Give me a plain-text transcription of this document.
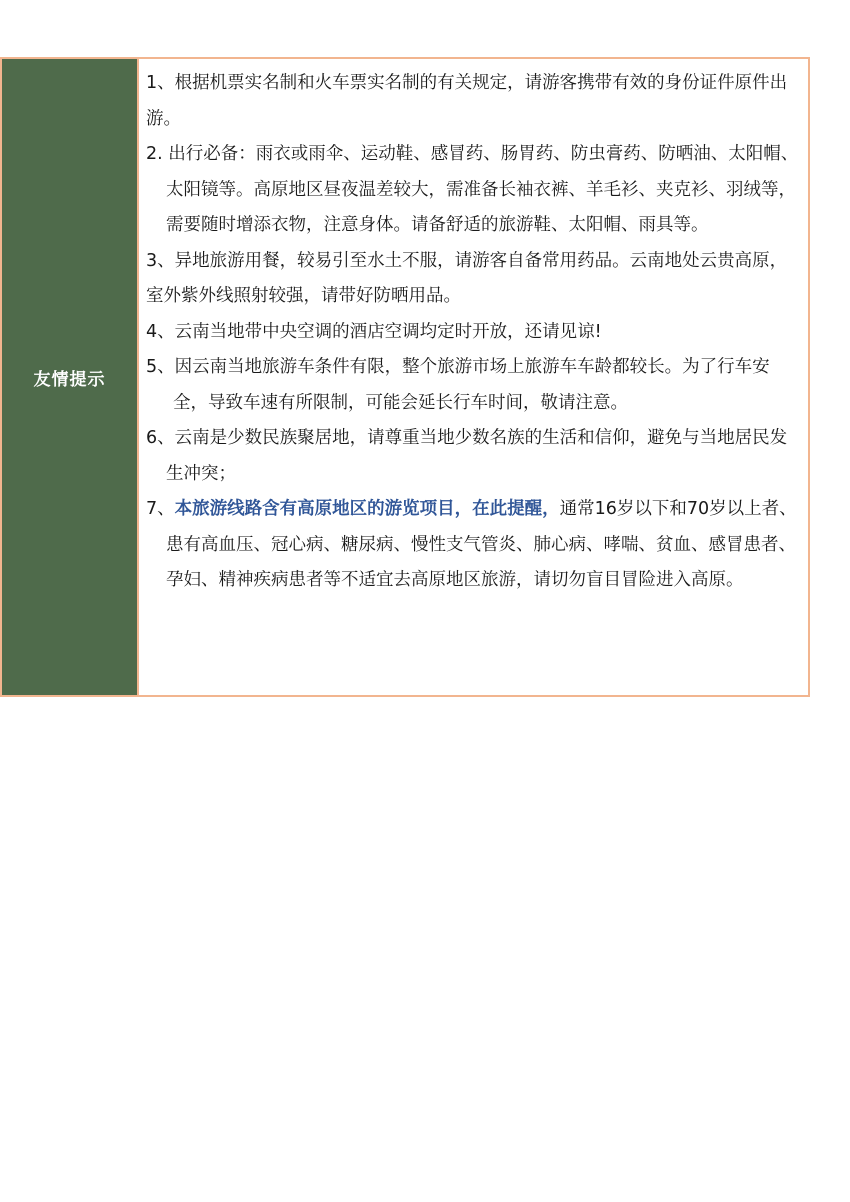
友情提示
1、根据机票实名制和火车票实名制的有关规定，请游客携带有效的身份证件原件出游。
2. 出行必备：雨衣或雨伞、运动鞋、感冒药、肠胃药、防虫膏药、防晒油、太阳帽、太阳镜等。高原地区昼夜温差较大，需准备长袖衣裤、羊毛衫、夹克衫、羽绒等，需要随时增添衣物，注意身体。请备舒适的旅游鞋、太阳帽、雨具等。
3、异地旅游用餐，较易引至水土不服，请游客自备常用药品。云南地处云贵高原，室外紫外线照射较强，请带好防晒用品。
4、云南当地带中央空调的酒店空调均定时开放，还请见谅!
5、因云南当地旅游车条件有限，整个旅游市场上旅游车车龄都较长。为了行车安全，导致车速有所限制，可能会延长行车时间，敬请注意。
6、云南是少数民族聚居地，请尊重当地少数名族的生活和信仰，避免与当地居民发生冲突；
7、本旅游线路含有高原地区的游览项目，在此提醒，通常16岁以下和70岁以上者、患有高血压、冠心病、糖尿病、慢性支气管炎、肺心病、哮喘、贫血、感冒患者、孕妇、精神疾病患者等不适宜去高原地区旅游，请切勿盲目冒险进入高原。
